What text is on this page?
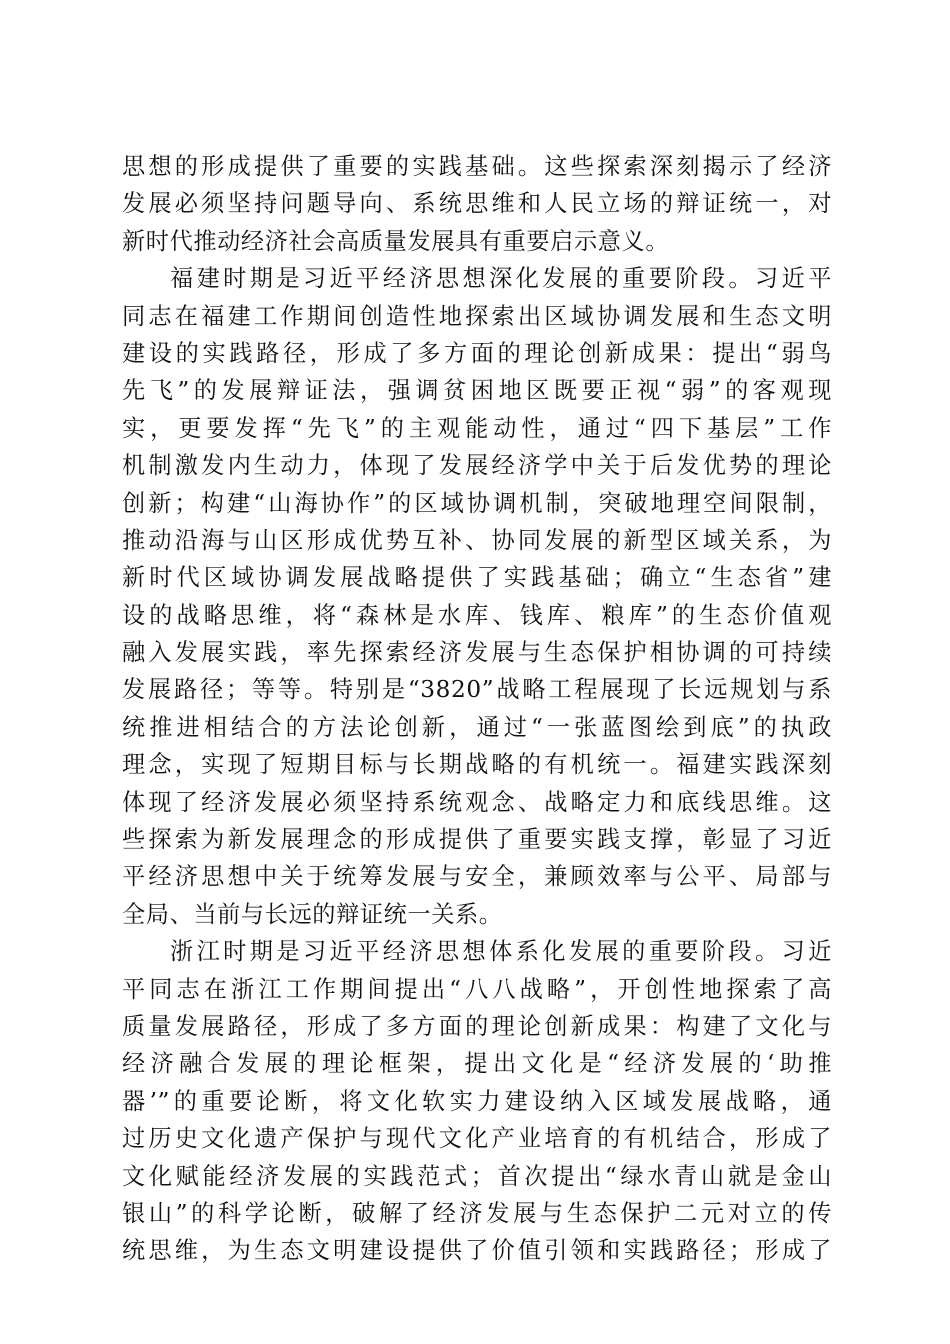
思想的形成提供了重要的实践基础。这些探索深刻揭示了经济
发展必须坚持问题导向、系统思维和人民立场的辩证统一，对
新时代推动经济社会高质量发展具有重要启示意义。
福建时期是习近平经济思想深化发展的重要阶段。习近平
同志在福建工作期间创造性地探索出区域协调发展和生态文明
建设的实践路径，形成了多方面的理论创新成果：提出“弱鸟
先飞”的发展辩证法，强调贫困地区既要正视“弱”的客观现
实，更要发挥“先飞”的主观能动性，通过“四下基层”工作
机制激发内生动力，体现了发展经济学中关于后发优势的理论
创新；构建“山海协作”的区域协调机制，突破地理空间限制，
推动沿海与山区形成优势互补、协同发展的新型区域关系，为
新时代区域协调发展战略提供了实践基础；确立“生态省”建
设的战略思维，将“森林是水库、钱库、粮库”的生态价值观
融入发展实践，率先探索经济发展与生态保护相协调的可持续
发展路径；等等。特别是“3820”战略工程展现了长远规划与系
统推进相结合的方法论创新，通过“一张蓝图绘到底”的执政
理念，实现了短期目标与长期战略的有机统一。福建实践深刻
体现了经济发展必须坚持系统观念、战略定力和底线思维。这
些探索为新发展理念的形成提供了重要实践支撑，彰显了习近
平经济思想中关于统筹发展与安全，兼顾效率与公平、局部与
全局、当前与长远的辩证统一关系。
浙江时期是习近平经济思想体系化发展的重要阶段。习近
平同志在浙江工作期间提出“八八战略”，开创性地探索了高
质量发展路径，形成了多方面的理论创新成果：构建了文化与
经济融合发展的理论框架，提出文化是“经济发展的‘助推
器’”的重要论断，将文化软实力建设纳入区域发展战略，通
过历史文化遗产保护与现代文化产业培育的有机结合，形成了
文化赋能经济发展的实践范式；首次提出“绿水青山就是金山
银山”的科学论断，破解了经济发展与生态保护二元对立的传
统思维，为生态文明建设提供了价值引领和实践路径；形成了
